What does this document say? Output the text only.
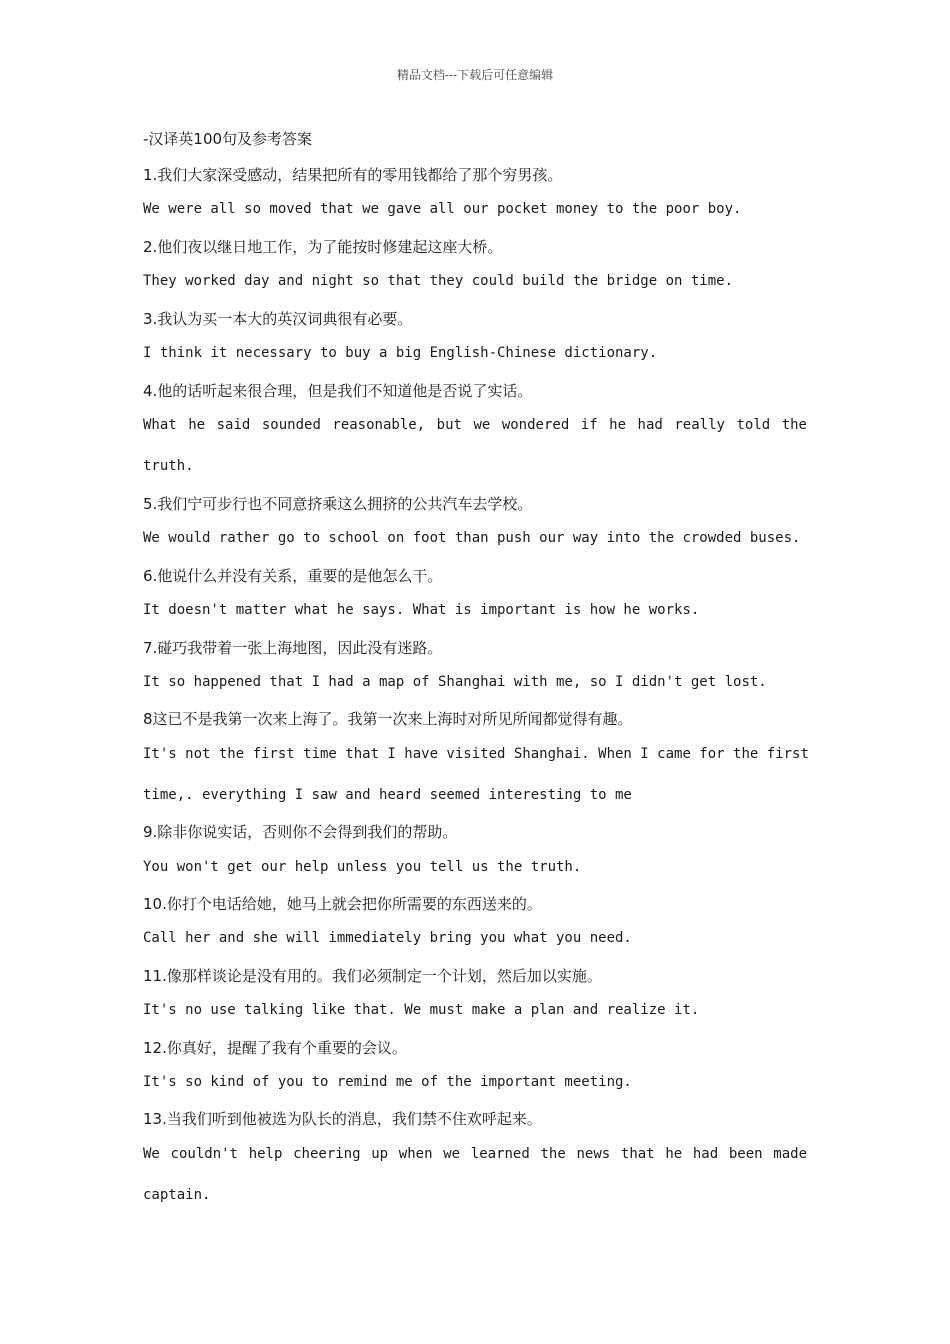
精品文档---下载后可任意编辑
-汉译英100句及参考答案
1.我们大家深受感动，结果把所有的零用钱都给了那个穷男孩。
We were all so moved that we gave all our pocket money to the poor boy.
2.他们夜以继日地工作，为了能按时修建起这座大桥。
They worked day and night so that they could build the bridge on time.
3.我认为买一本大的英汉词典很有必要。
I think it necessary to buy a big English-Chinese dictionary.
4.他的话听起来很合理，但是我们不知道他是否说了实话。
What he said sounded reasonable, but we wondered if he had really told the
truth.
5.我们宁可步行也不同意挤乘这么拥挤的公共汽车去学校。
We would rather go to school on foot than push our way into the crowded buses.
6.他说什么并没有关系，重要的是他怎么干。
It doesn't matter what he says. What is important is how he works.
7.碰巧我带着一张上海地图，因此没有迷路。
It so happened that I had a map of Shanghai with me, so I didn't get lost.
8这已不是我第一次来上海了。我第一次来上海时对所见所闻都觉得有趣。
It's not the first time that I have visited Shanghai. When I came for the first
time,. everything I saw and heard seemed interesting to me
9.除非你说实话，否则你不会得到我们的帮助。
You won't get our help unless you tell us the truth.
10.你打个电话给她，她马上就会把你所需要的东西送来的。
Call her and she will immediately bring you what you need.
11.像那样谈论是没有用的。我们必须制定一个计划，然后加以实施。
It's no use talking like that. We must make a plan and realize it.
12.你真好，提醒了我有个重要的会议。
It's so kind of you to remind me of the important meeting.
13.当我们听到他被选为队长的消息，我们禁不住欢呼起来。
We couldn't help cheering up when we learned the news that he had been made
captain.
